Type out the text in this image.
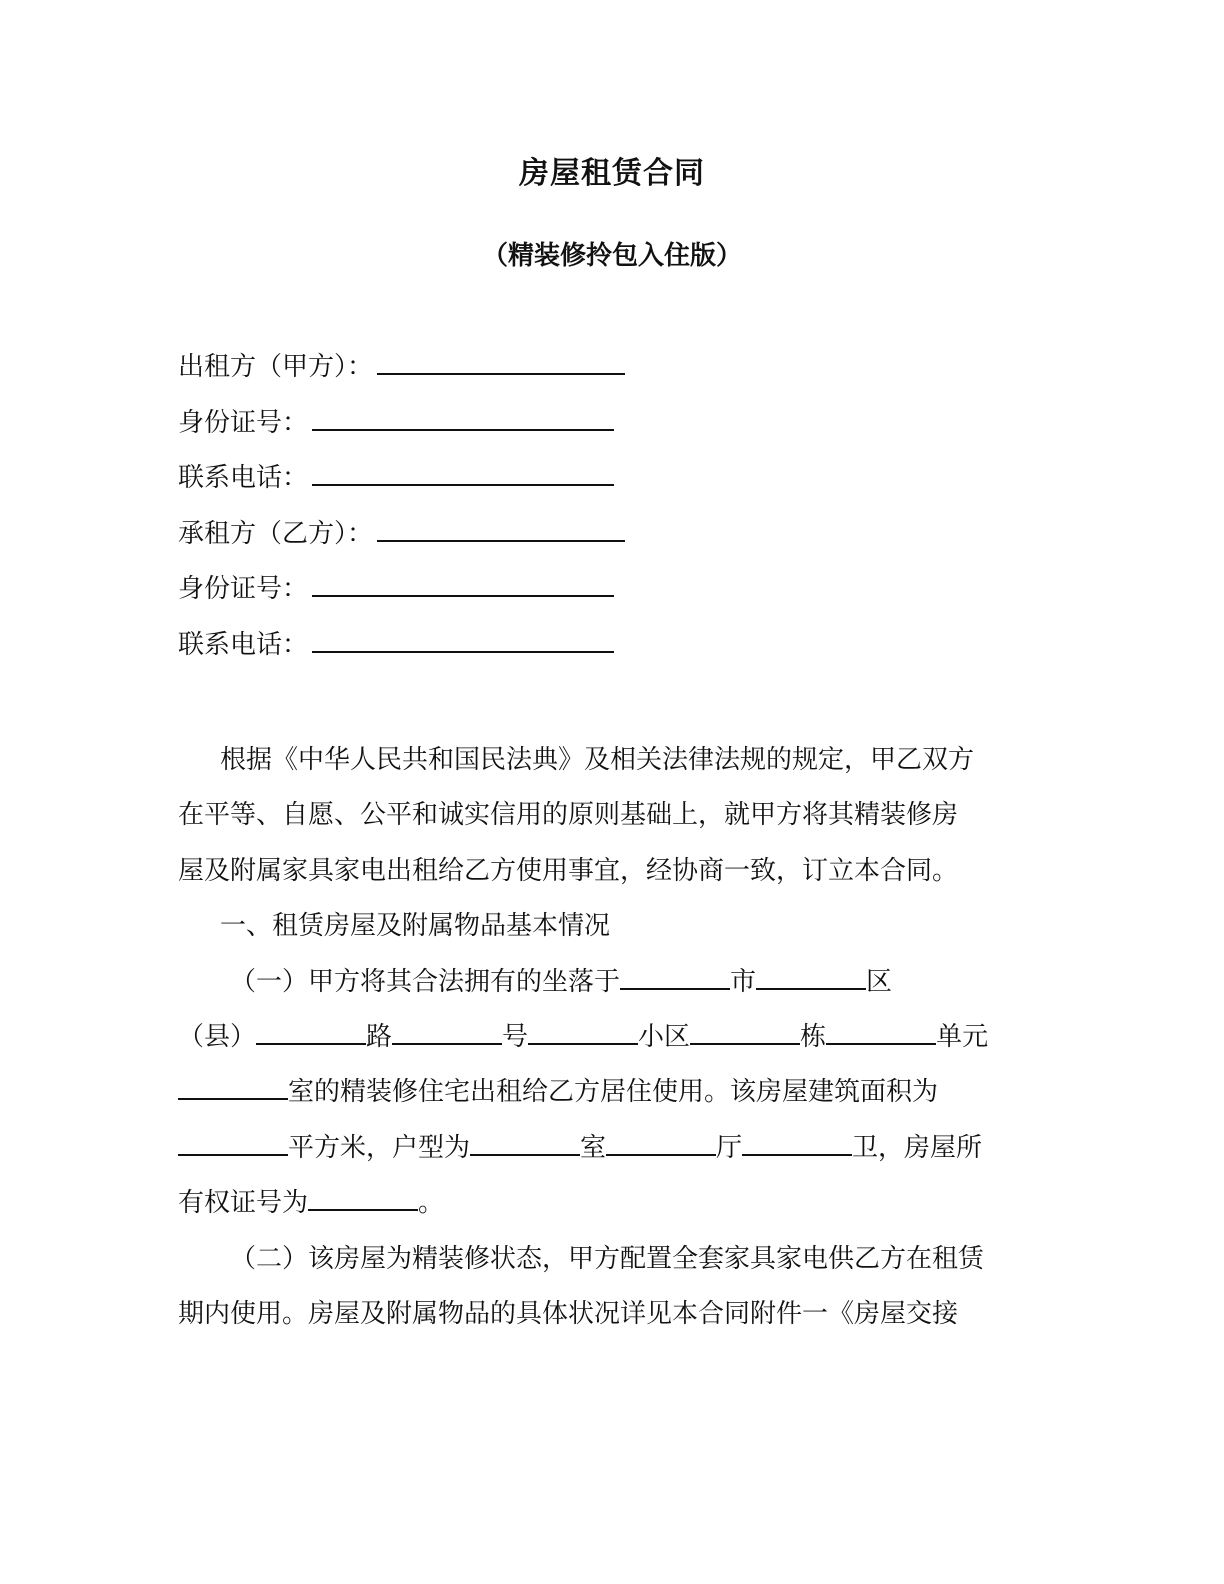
房屋租赁合同
（精装修拎包入住版）
出租方（甲方）：
身份证号：
联系电话：
承租方（乙方）：
身份证号：
联系电话：

根据《中华人民共和国民法典》及相关法律法规的规定，甲乙双方

在平等、自愿、公平和诚实信用的原则基础上，就甲方将其精装修房

屋及附属家具家电出租给乙方使用事宜，经协商一致，订立本合同。

一、租赁房屋及附属物品基本情况

（一）甲方将其合法拥有的坐落于	市	区

（县）	路	号	小区	栋	单元

室的精装修住宅出租给乙方居住使用。该房屋建筑面积为

平方米，户型为	室	厅	卫，房屋所

有权证号为	。

（二）该房屋为精装修状态，甲方配置全套家具家电供乙方在租赁

期内使用。房屋及附属物品的具体状况详见本合同附件一《房屋交接
